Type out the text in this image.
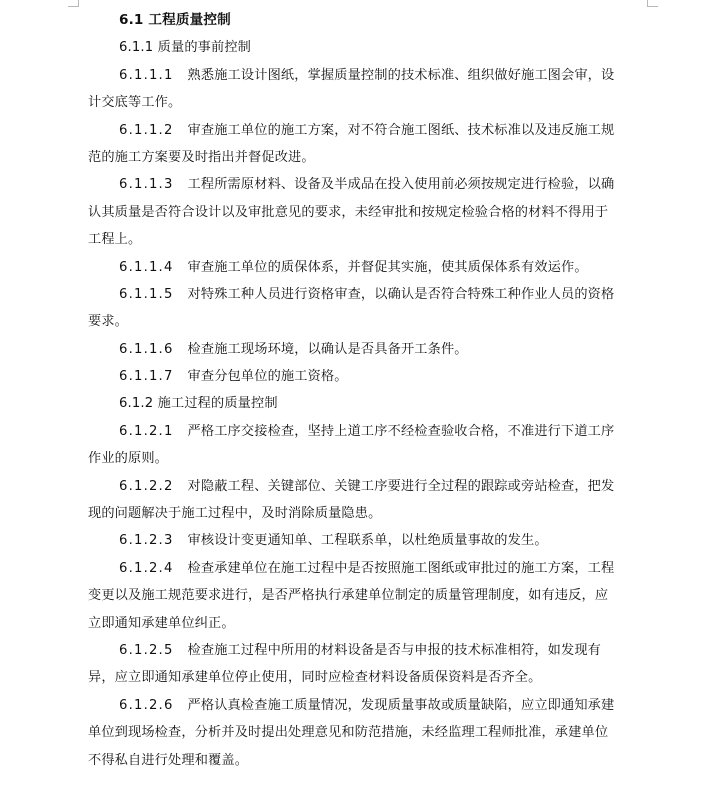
6.1 工程质量控制
6.1.1 质量的事前控制
6.1.1.1 熟悉施工设计图纸，掌握质量控制的技术标准、组织做好施工图会审，设
计交底等工作。
6.1.1.2 审查施工单位的施工方案，对不符合施工图纸、技术标准以及违反施工规
范的施工方案要及时指出并督促改进。
6.1.1.3 工程所需原材料、设备及半成品在投入使用前必须按规定进行检验，以确
认其质量是否符合设计以及审批意见的要求，未经审批和按规定检验合格的材料不得用于
工程上。
6.1.1.4 审查施工单位的质保体系，并督促其实施，使其质保体系有效运作。
6.1.1.5 对特殊工种人员进行资格审查，以确认是否符合特殊工种作业人员的资格
要求。
6.1.1.6 检查施工现场环境，以确认是否具备开工条件。
6.1.1.7 审查分包单位的施工资格。
6.1.2 施工过程的质量控制
6.1.2.1 严格工序交接检查，坚持上道工序不经检查验收合格，不准进行下道工序
作业的原则。
6.1.2.2 对隐蔽工程、关键部位、关键工序要进行全过程的跟踪或旁站检查，把发
现的问题解决于施工过程中，及时消除质量隐患。
6.1.2.3 审核设计变更通知单、工程联系单，以杜绝质量事故的发生。
6.1.2.4 检查承建单位在施工过程中是否按照施工图纸或审批过的施工方案，工程
变更以及施工规范要求进行，是否严格执行承建单位制定的质量管理制度，如有违反，应
立即通知承建单位纠正。
6.1.2.5 检查施工过程中所用的材料设备是否与申报的技术标准相符，如发现有
异，应立即通知承建单位停止使用，同时应检查材料设备质保资料是否齐全。
6.1.2.6 严格认真检查施工质量情况，发现质量事故或质量缺陷，应立即通知承建
单位到现场检查，分析并及时提出处理意见和防范措施，未经监理工程师批准，承建单位
不得私自进行处理和覆盖。
